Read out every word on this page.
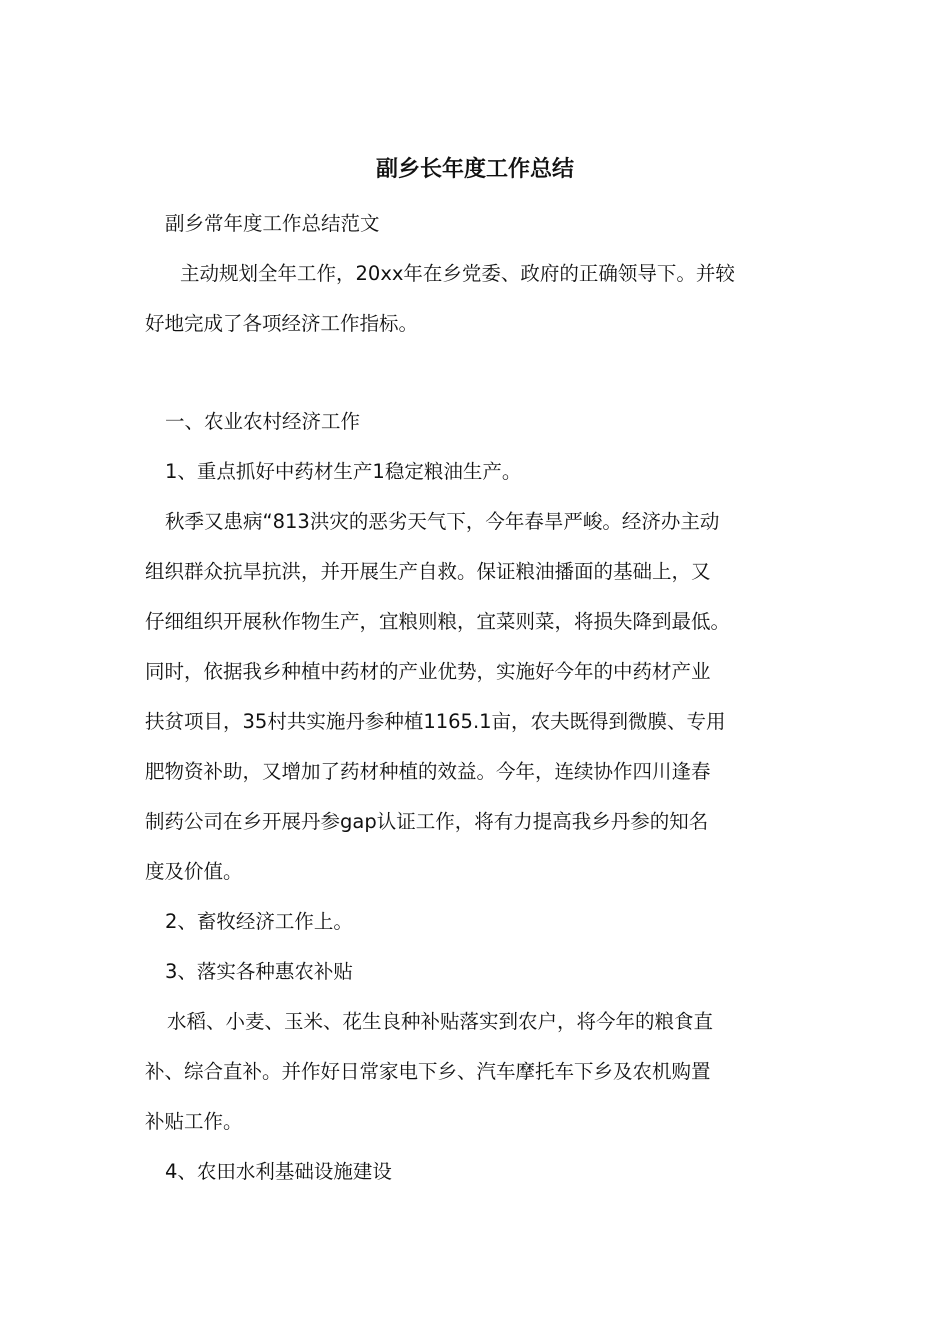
副乡长年度工作总结
副乡常年度工作总结范文
主动规划全年工作，20xx年在乡党委、政府的正确领导下。并较
好地完成了各项经济工作指标。
一、农业农村经济工作
1、重点抓好中药材生产1稳定粮油生产。
秋季又患病“813洪灾的恶劣天气下，今年春旱严峻。经济办主动
组织群众抗旱抗洪，并开展生产自救。保证粮油播面的基础上，又
仔细组织开展秋作物生产，宜粮则粮，宜菜则菜，将损失降到最低。
同时，依据我乡种植中药材的产业优势，实施好今年的中药材产业
扶贫项目，35村共实施丹参种植1165.1亩，农夫既得到微膜、专用
肥物资补助，又增加了药材种植的效益。今年，连续协作四川逢春
制药公司在乡开展丹参gap认证工作，将有力提高我乡丹参的知名
度及价值。
2、畜牧经济工作上。
3、落实各种惠农补贴
水稻、小麦、玉米、花生良种补贴落实到农户，将今年的粮食直
补、综合直补。并作好日常家电下乡、汽车摩托车下乡及农机购置
补贴工作。
4、农田水利基础设施建设
